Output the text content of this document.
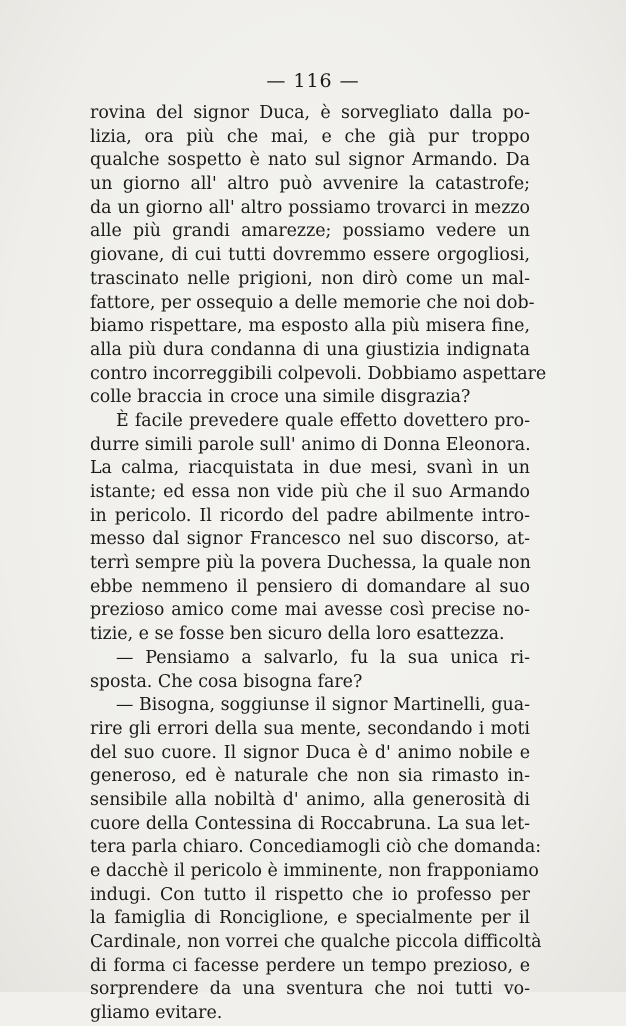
— 116 —
rovina del signor Duca, è sorvegliato dalla po-
lizia, ora più che mai, e che già pur troppo
qualche sospetto è nato sul signor Armando. Da
un giorno all' altro può avvenire la catastrofe;
da un giorno all' altro possiamo trovarci in mezzo
alle più grandi amarezze; possiamo vedere un
giovane, di cui tutti dovremmo essere orgogliosi,
trascinato nelle prigioni, non dirò come un mal-
fattore, per ossequio a delle memorie che noi dob-
biamo rispettare, ma esposto alla più misera fine,
alla più dura condanna di una giustizia indignata
contro incorreggibili colpevoli. Dobbiamo aspettare
colle braccia in croce una simile disgrazia?
È facile prevedere quale effetto dovettero pro-
durre simili parole sull' animo di Donna Eleonora.
La calma, riacquistata in due mesi, svanì in un
istante; ed essa non vide più che il suo Armando
in pericolo. Il ricordo del padre abilmente intro-
messo dal signor Francesco nel suo discorso, at-
terrì sempre più la povera Duchessa, la quale non
ebbe nemmeno il pensiero di domandare al suo
prezioso amico come mai avesse così precise no-
tizie, e se fosse ben sicuro della loro esattezza.
— Pensiamo a salvarlo, fu la sua unica ri-
sposta. Che cosa bisogna fare?
— Bisogna, soggiunse il signor Martinelli, gua-
rire gli errori della sua mente, secondando i moti
del suo cuore. Il signor Duca è d' animo nobile e
generoso, ed è naturale che non sia rimasto in-
sensibile alla nobiltà d' animo, alla generosità di
cuore della Contessina di Roccabruna. La sua let-
tera parla chiaro. Concediamogli ciò che domanda:
e dacchè il pericolo è imminente, non frapponiamo
indugi. Con tutto il rispetto che io professo per
la famiglia di Ronciglione, e specialmente per il
Cardinale, non vorrei che qualche piccola difficoltà
di forma ci facesse perdere un tempo prezioso, e
sorprendere da una sventura che noi tutti vo-
gliamo evitare.
